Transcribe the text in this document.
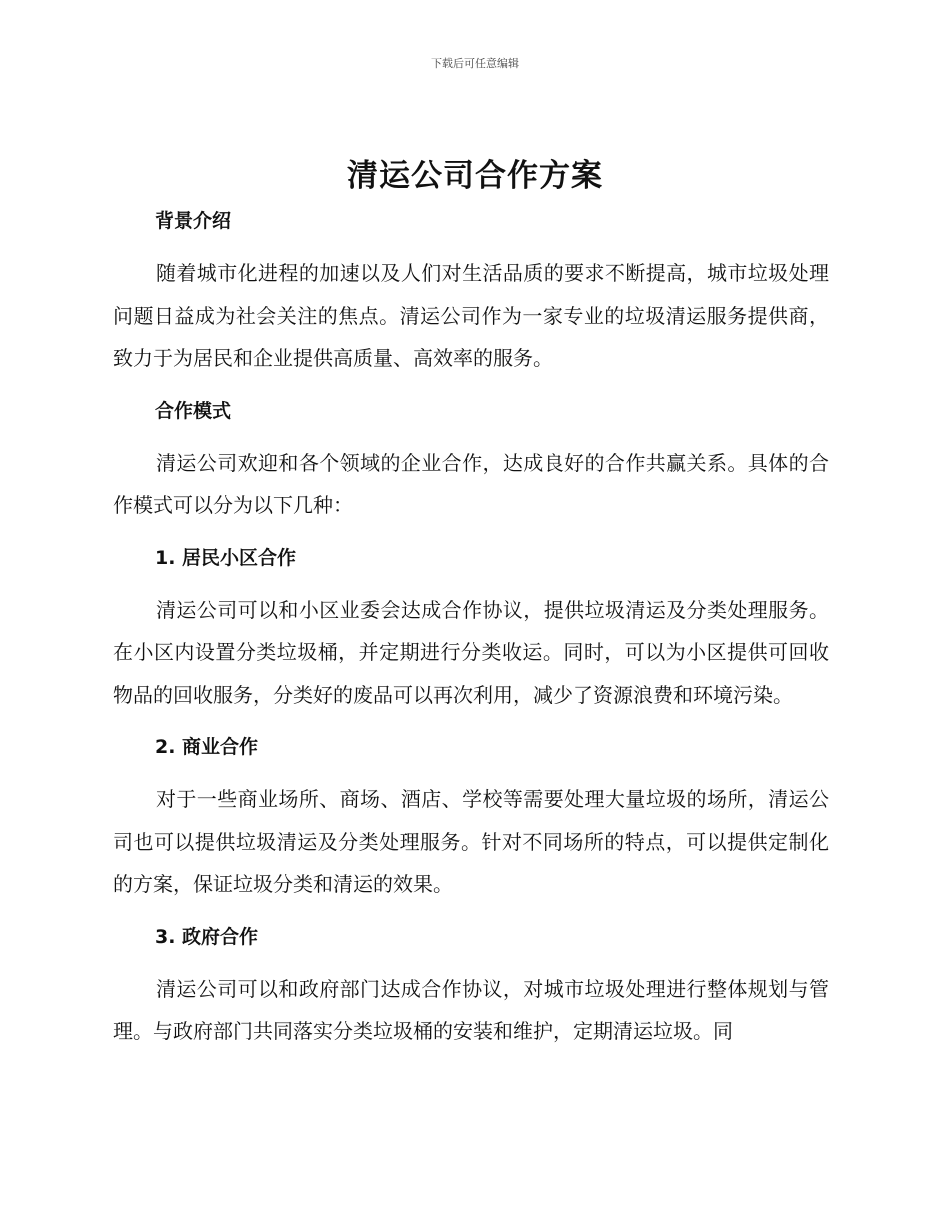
下载后可任意编辑
清运公司合作方案

背景介绍

随着城市化进程的加速以及人们对生活品质的要求不断提高，城市垃圾处理问题日益成为社会关注的焦点。清运公司作为一家专业的垃圾清运服务提供商，致力于为居民和企业提供高质量、高效率的服务。

合作模式

清运公司欢迎和各个领域的企业合作，达成良好的合作共赢关系。具体的合作模式可以分为以下几种：

1. 居民小区合作

清运公司可以和小区业委会达成合作协议，提供垃圾清运及分类处理服务。在小区内设置分类垃圾桶，并定期进行分类收运。同时，可以为小区提供可回收物品的回收服务，分类好的废品可以再次利用，减少了资源浪费和环境污染。

2. 商业合作

对于一些商业场所、商场、酒店、学校等需要处理大量垃圾的场所，清运公司也可以提供垃圾清运及分类处理服务。针对不同场所的特点，可以提供定制化的方案，保证垃圾分类和清运的效果。

3. 政府合作

清运公司可以和政府部门达成合作协议，对城市垃圾处理进行整体规划与管理。与政府部门共同落实分类垃圾桶的安装和维护，定期清运垃圾。同
